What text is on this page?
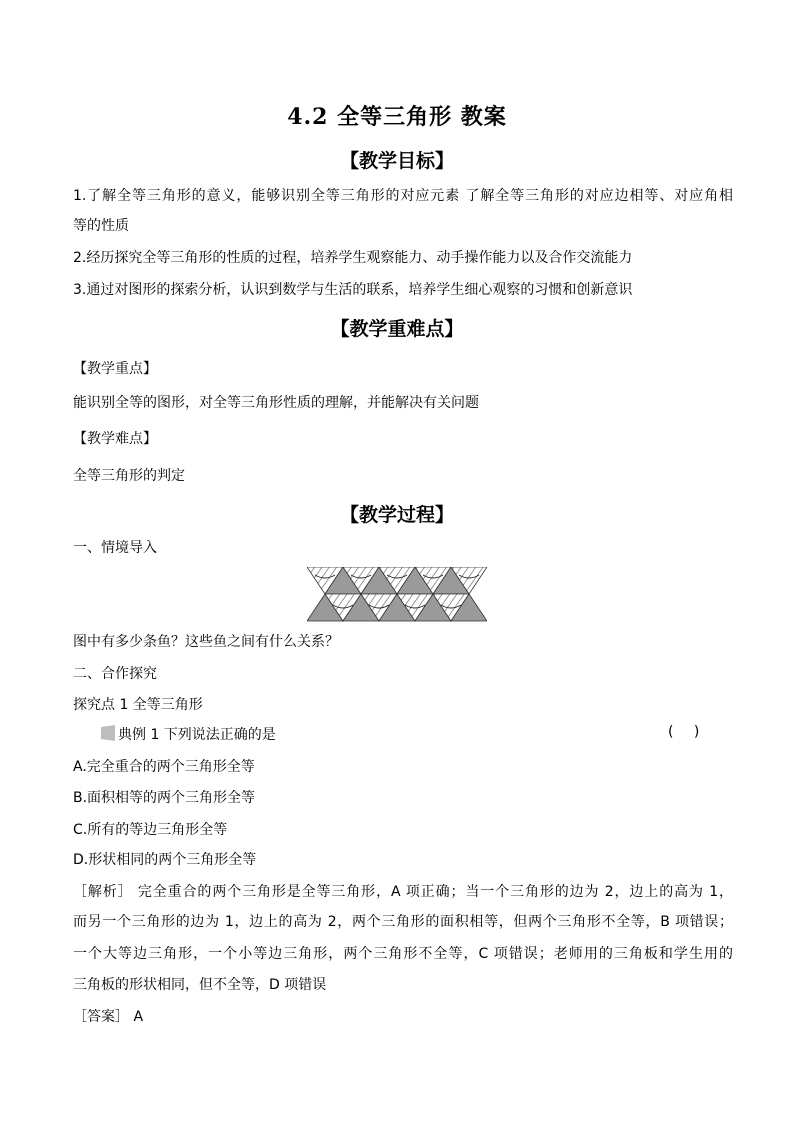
4.2 全等三角形 教案
【教学目标】
1.了解全等三角形的意义，能够识别全等三角形的对应元素 了解全等三角形的对应边相等、对应角相
等的性质
2.经历探究全等三角形的性质的过程，培养学生观察能力、动手操作能力以及合作交流能力
3.通过对图形的探索分析，认识到数学与生活的联系，培养学生细心观察的习惯和创新意识
【教学重难点】
【教学重点】
能识别全等的图形，对全等三角形性质的理解，并能解决有关问题
【教学难点】
全等三角形的判定
【教学过程】
一、情境导入
图中有多少条鱼？这些鱼之间有什么关系？
二、合作探究
探究点 1 全等三角形
典例 1 下列说法正确的是	( )
A.完全重合的两个三角形全等
B.面积相等的两个三角形全等
C.所有的等边三角形全等
D.形状相同的两个三角形全等
［解析］ 完全重合的两个三角形是全等三角形，A 项正确；当一个三角形的边为 2，边上的高为 1，
而另一个三角形的边为 1，边上的高为 2，两个三角形的面积相等，但两个三角形不全等，B 项错误；
一个大等边三角形，一个小等边三角形，两个三角形不全等，C 项错误；老师用的三角板和学生用的
三角板的形状相同，但不全等，D 项错误
［答案］ A
